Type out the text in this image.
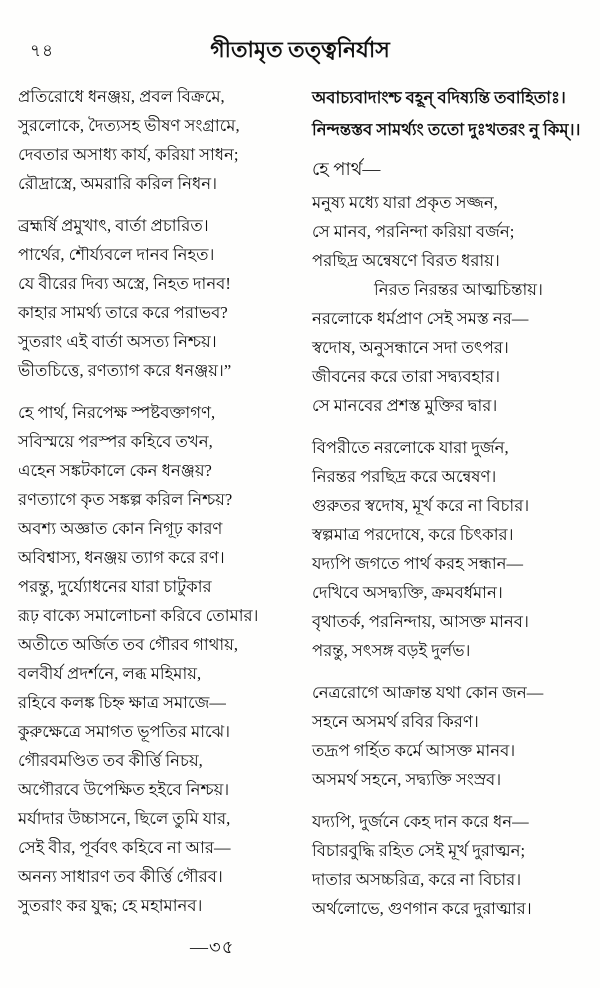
৭৪	গীতামৃত তত্ত্বনির্যাস
প্রতিরোধে ধনঞ্জয়, প্রবল বিক্রমে,
সুরলোকে, দৈত্যসহ ভীষণ সংগ্রামে,
দেবতার অসাধ্য কার্য, করিয়া সাধন;
রৌদ্রাস্ত্রে, অমরারি করিল নিধন।
ব্রহ্মর্ষি প্রমুখাৎ, বার্তা প্রচারিত।
পার্থের, শৌর্য্যবলে দানব নিহত।
যে বীরের দিব্য অস্ত্রে, নিহত দানব!
কাহার সামর্থ্য তারে করে পরাভব?
সুতরাং এই বার্তা অসত্য নিশ্চয়।
ভীতচিত্তে, রণত্যাগ করে ধনঞ্জয়।”
হে পার্থ, নিরপেক্ষ স্পষ্টবক্তাগণ,
সবিস্ময়ে পরস্পর কহিবে তখন,
এহেন সঙ্কটকালে কেন ধনঞ্জয়?
রণত্যাগে কৃত সঙ্কল্প করিল নিশ্চয়?
অবশ্য অজ্ঞাত কোন নিগূঢ় কারণ
অবিশ্বাস্য, ধনঞ্জয় ত্যাগ করে রণ।
পরন্তু, দুর্য্যোধনের যারা চাটুকার
রূঢ় বাক্যে সমালোচনা করিবে তোমার।
অতীতে অর্জিত তব গৌরব গাথায়,
বলবীর্য প্রদর্শনে, লব্ধ মহিমায়,
রহিবে কলঙ্ক চিহ্ন ক্ষাত্র সমাজে—
কুরুক্ষেত্রে সমাগত ভূপতির মাঝে।
গৌরবমণ্ডিত তব কীর্ত্তি নিচয়,
অগৌরবে উপেক্ষিত হইবে নিশ্চয়।
মর্যাদার উচ্চাসনে, ছিলে তুমি যার,
সেই বীর, পূর্ববৎ কহিবে না আর—
অনন্য সাধারণ তব কীর্ত্তি গৌরব।
সুতরাং কর যুদ্ধ; হে মহামানব।
—৩৫
অবাচ্যবাদাংশ্চ বহূন্ বদিষ্যন্তি তবাহিতাঃ।
নিন্দন্তস্তব সামর্থ্যং ততো দুঃখতরং নু কিম্।।
হে পার্থ—
মনুষ্য মধ্যে যারা প্রকৃত সজ্জন,
সে মানব, পরনিন্দা করিয়া বর্জন;
পরছিদ্র অন্বেষণে বিরত ধরায়।
নিরত নিরন্তর আত্মচিন্তায়।
নরলোকে ধর্মপ্রাণ সেই সমস্ত নর—
স্বদোষ, অনুসন্ধানে সদা তৎপর।
জীবনের করে তারা সদ্ব্যবহার।
সে মানবের প্রশস্ত মুক্তির দ্বার।
বিপরীতে নরলোকে যারা দুর্জন,
নিরন্তর পরছিদ্র করে অন্বেষণ।
গুরুতর স্বদোষ, মূর্খ করে না বিচার।
স্বল্পমাত্র পরদোষে, করে চিৎকার।
যদ্যপি জগতে পার্থ করহ সন্ধান—
দেখিবে অসদ্ব্যক্তি, ক্রমবর্ধমান।
বৃথাতর্ক, পরনিন্দায়, আসক্ত মানব।
পরন্তু, সৎসঙ্গ বড়ই দুর্লভ।
নেত্ররোগে আক্রান্ত যথা কোন জন—
সহনে অসমর্থ রবির কিরণ।
তদ্রূপ গর্হিত কর্মে আসক্ত মানব।
অসমর্থ সহনে, সদ্ব্যক্তি সংস্রব।
যদ্যপি, দুর্জনে কেহ দান করে ধন—
বিচারবুদ্ধি রহিত সেই মূর্খ দুরাত্মন;
দাতার অসচ্চরিত্র, করে না বিচার।
অর্থলোভে, গুণগান করে দুরাত্মার।
